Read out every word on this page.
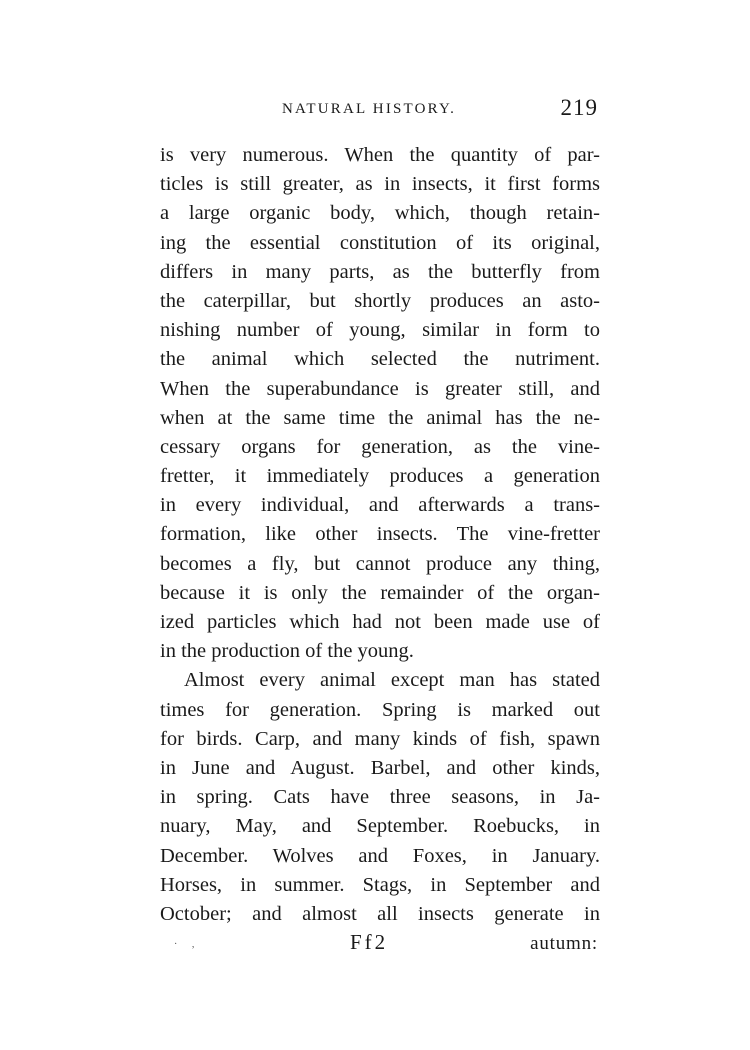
NATURAL HISTORY.	219
is very numerous. When the quantity of par-
ticles is still greater, as in insects, it first forms
a large organic body, which, though retain-
ing the essential constitution of its original,
differs in many parts, as the butterfly from
the caterpillar, but shortly produces an asto-
nishing number of young, similar in form to
the animal which selected the nutriment.
When the superabundance is greater still, and
when at the same time the animal has the ne-
cessary organs for generation, as the vine-
fretter, it immediately produces a generation
in every individual, and afterwards a trans-
formation, like other insects. The vine-fretter
becomes a fly, but cannot produce any thing,
because it is only the remainder of the organ-
ized particles which had not been made use of
in the production of the young.
Almost every animal except man has stated
times for generation. Spring is marked out
for birds. Carp, and many kinds of fish, spawn
in June and August. Barbel, and other kinds,
in spring. Cats have three seasons, in Ja-
nuary, May, and September. Roebucks, in
December. Wolves and Foxes, in January.
Horses, in summer. Stags, in September and
October; and almost all insects generate in
· ,	Ff2	autumn:
